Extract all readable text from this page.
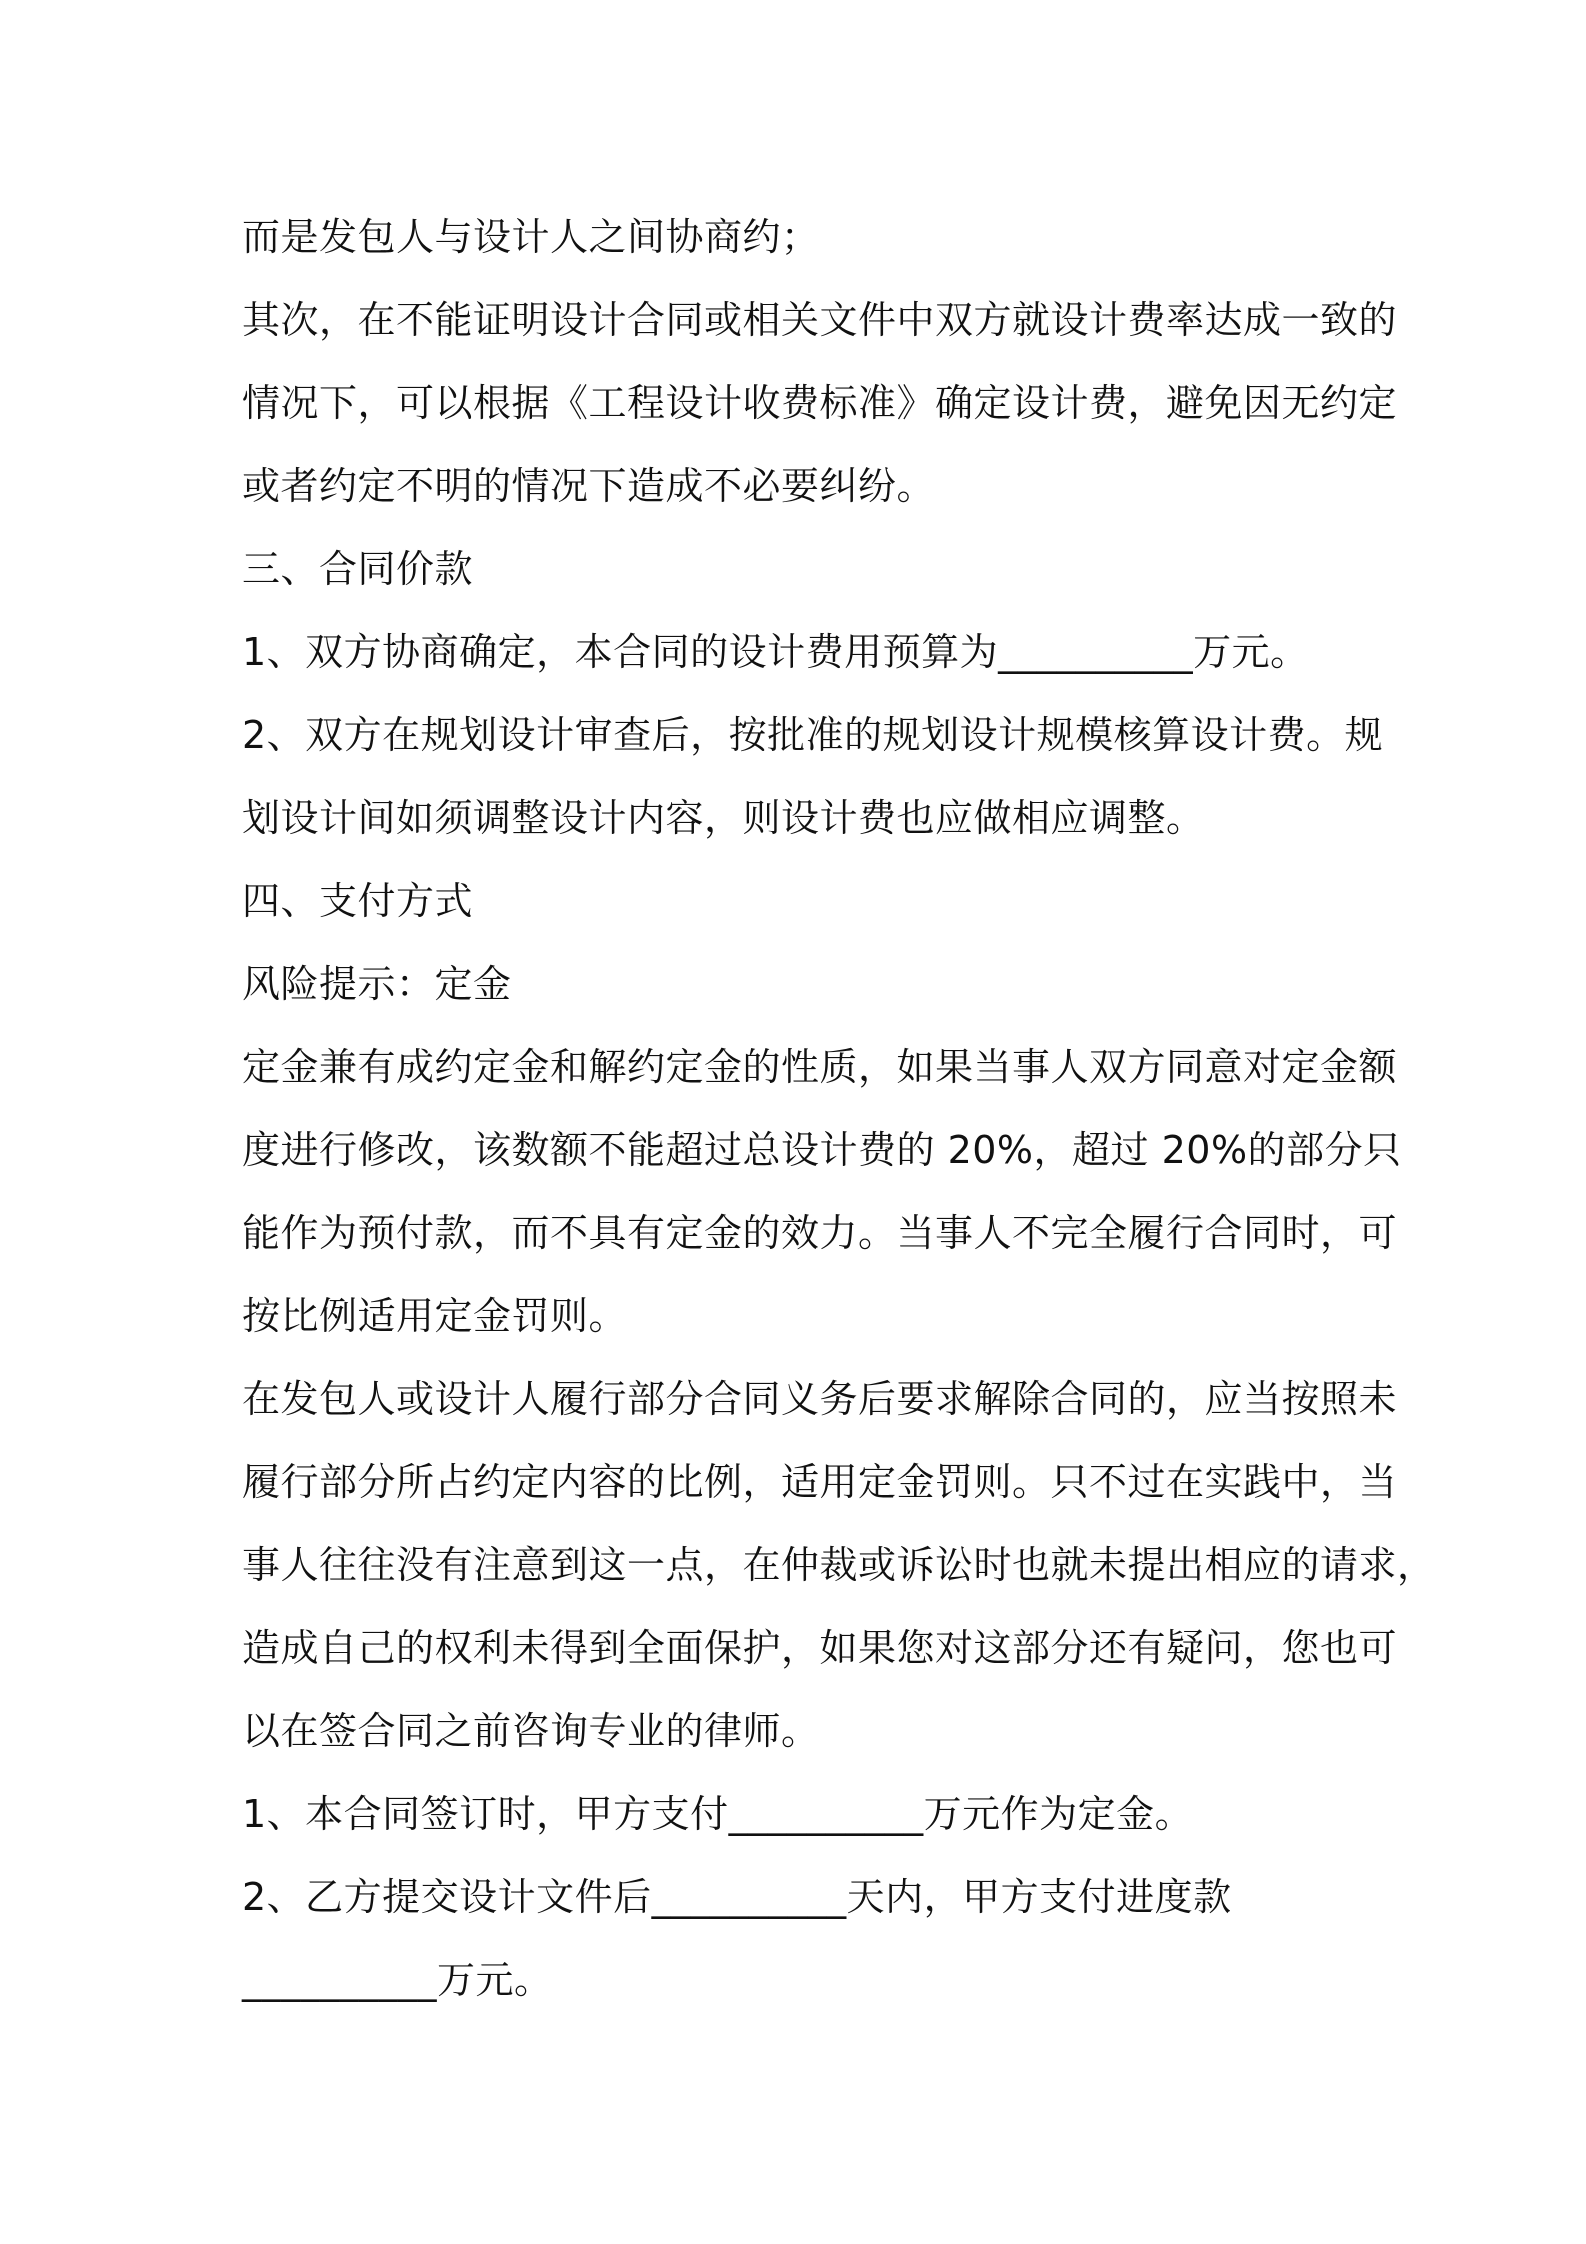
而是发包人与设计人之间协商约；
其次，在不能证明设计合同或相关文件中双方就设计费率达成一致的
情况下，可以根据《工程设计收费标准》确定设计费，避免因无约定
或者约定不明的情况下造成不必要纠纷。
三、合同价款
1、双方协商确定，本合同的设计费用预算为__________万元。
2、双方在规划设计审查后，按批准的规划设计规模核算设计费。规
划设计间如须调整设计内容，则设计费也应做相应调整。
四、支付方式
风险提示：定金
定金兼有成约定金和解约定金的性质，如果当事人双方同意对定金额
度进行修改，该数额不能超过总设计费的 20%，超过 20%的部分只
能作为预付款，而不具有定金的效力。当事人不完全履行合同时，可
按比例适用定金罚则。
在发包人或设计人履行部分合同义务后要求解除合同的，应当按照未
履行部分所占约定内容的比例，适用定金罚则。只不过在实践中，当
事人往往没有注意到这一点，在仲裁或诉讼时也就未提出相应的请求，
造成自己的权利未得到全面保护，如果您对这部分还有疑问，您也可
以在签合同之前咨询专业的律师。
1、本合同签订时，甲方支付__________万元作为定金。
2、乙方提交设计文件后__________天内，甲方支付进度款
__________万元。
